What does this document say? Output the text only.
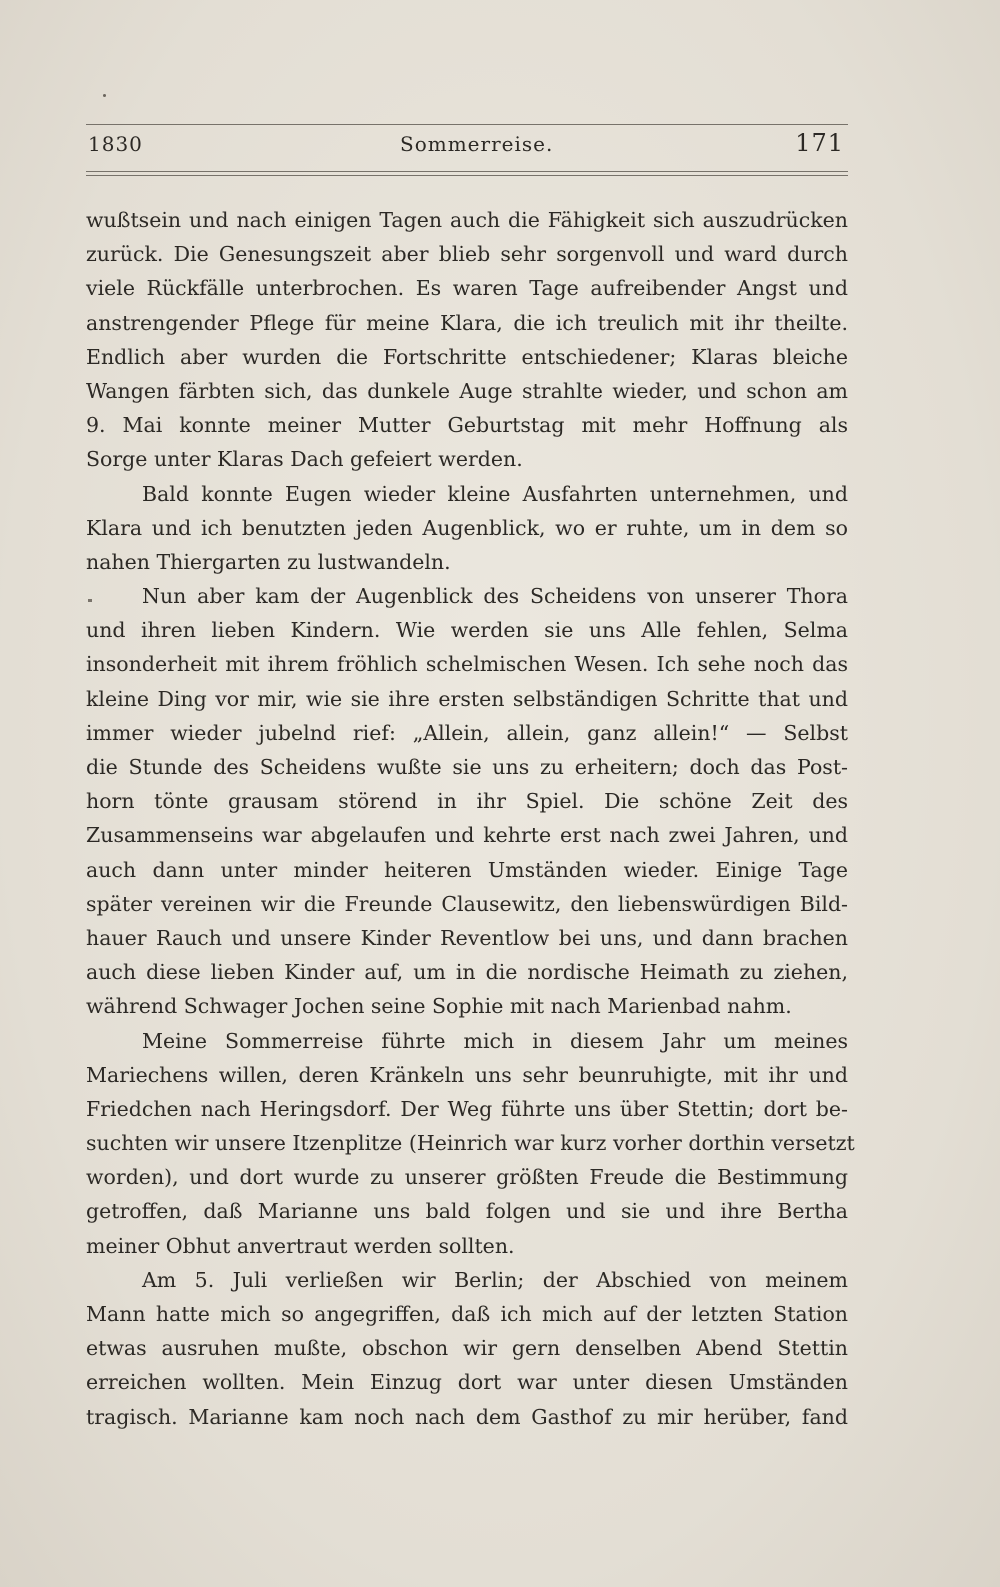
1830	Sommerreise.	171
wußtsein und nach einigen Tagen auch die Fähigkeit sich auszudrücken
zurück. Die Genesungszeit aber blieb sehr sorgenvoll und ward durch
viele Rückfälle unterbrochen. Es waren Tage aufreibender Angst und
anstrengender Pflege für meine Klara, die ich treulich mit ihr theilte.
Endlich aber wurden die Fortschritte entschiedener; Klaras bleiche
Wangen färbten sich, das dunkele Auge strahlte wieder, und schon am
9. Mai konnte meiner Mutter Geburtstag mit mehr Hoffnung als
Sorge unter Klaras Dach gefeiert werden.
Bald konnte Eugen wieder kleine Ausfahrten unternehmen, und
Klara und ich benutzten jeden Augenblick, wo er ruhte, um in dem so
nahen Thiergarten zu lustwandeln.
Nun aber kam der Augenblick des Scheidens von unserer Thora
und ihren lieben Kindern. Wie werden sie uns Alle fehlen, Selma
insonderheit mit ihrem fröhlich schelmischen Wesen. Ich sehe noch das
kleine Ding vor mir, wie sie ihre ersten selbständigen Schritte that und
immer wieder jubelnd rief: „Allein, allein, ganz allein!“ — Selbst
die Stunde des Scheidens wußte sie uns zu erheitern; doch das Post-
horn tönte grausam störend in ihr Spiel. Die schöne Zeit des
Zusammenseins war abgelaufen und kehrte erst nach zwei Jahren, und
auch dann unter minder heiteren Umständen wieder. Einige Tage
später vereinen wir die Freunde Clausewitz, den liebenswürdigen Bild-
hauer Rauch und unsere Kinder Reventlow bei uns, und dann brachen
auch diese lieben Kinder auf, um in die nordische Heimath zu ziehen,
während Schwager Jochen seine Sophie mit nach Marienbad nahm.
Meine Sommerreise führte mich in diesem Jahr um meines
Mariechens willen, deren Kränkeln uns sehr beunruhigte, mit ihr und
Friedchen nach Heringsdorf. Der Weg führte uns über Stettin; dort be-
suchten wir unsere Itzenplitze (Heinrich war kurz vorher dorthin versetzt
worden), und dort wurde zu unserer größten Freude die Bestimmung
getroffen, daß Marianne uns bald folgen und sie und ihre Bertha
meiner Obhut anvertraut werden sollten.
Am 5. Juli verließen wir Berlin; der Abschied von meinem
Mann hatte mich so angegriffen, daß ich mich auf der letzten Station
etwas ausruhen mußte, obschon wir gern denselben Abend Stettin
erreichen wollten. Mein Einzug dort war unter diesen Umständen
tragisch. Marianne kam noch nach dem Gasthof zu mir herüber, fand
